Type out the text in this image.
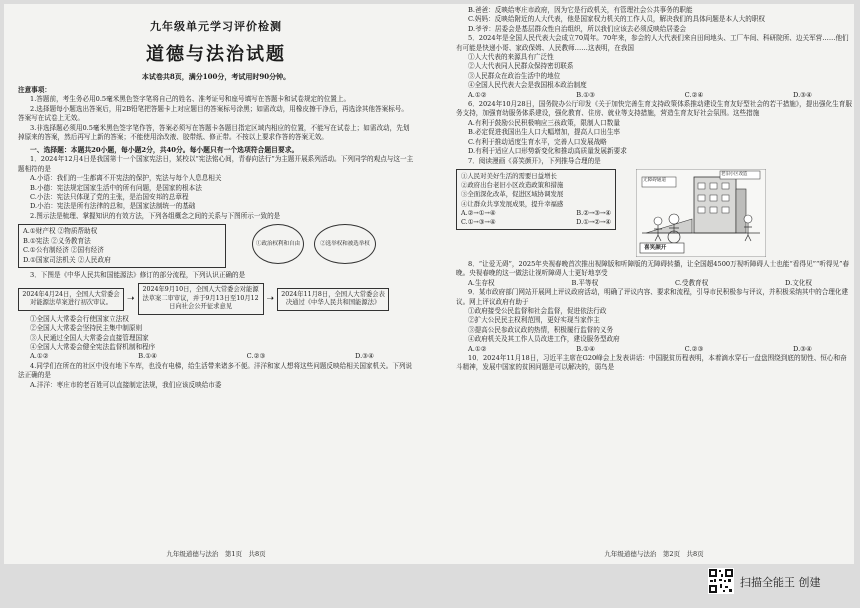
九年级单元学习评价检测

道德与法治试题

本试卷共8页，满分100分，考试用时90分钟。

注意事项：

1.答题前，考生务必用0.5毫米黑色签字笔将自己的姓名、准考证号和座号填写在答题卡和试卷规定的位置上。

2.选择题每小题选出答案后，用2B铅笔把答题卡上对应题目的答案标号涂黑；如需改动，用橡皮擦干净后，再选涂其他答案标号。答案写在试卷上无效。

3.非选择题必须用0.5毫米黑色签字笔作答，答案必须写在答题卡各题目指定区域内相应的位置，不能写在试卷上；如需改动，先划掉原来的答案，然后再写上新的答案；不能使用涂改液、胶带纸、修正带。不按以上要求作答的答案无效。

一、选择题：本题共20小题，每小题2分，共40分。每小题只有一个选项符合题目要求。

1．2024年12月4日是我国第十一个国家宪法日，某校以“宪法铭心间，青春向法行”为主题开展系列活动。下列同学的观点与这一主题相符的是

A.小语：我们的一生都离不开宪法的保护，宪法与每个人息息相关

B.小德：宪法规定国家生活中的所有问题，是国家的根本法

C.小法：宪法只体现了党的主张，是治国安邦的总章程

D.小治：宪法是所有法律的总和，是国家法制统一的基础

2.图示法是梳理、掌握知识的有效方法，下列各组概念之间的关系与下图所示一致的是

A.①财产权 ②物质帮助权

B.①宪法 ②义务教育法

C.①公有制经济 ②国有经济

D.①国家司法机关 ②人民政府

①政治权利和自由	②选举权和被选举权

3．下图是《中华人民共和国能源法》修订的部分流程，下列认识正确的是

2024年4月24日，全国人大常委会对能源法草案进行初次审议。	➝
2024年9月10日，全国人大常委会对能源法草案二审审议，并于9月13日至10月12日向社会公开征求意见
➝	2024年11月8日，全国人大常委会表决通过《中华人民共和国能源法》

①全国人大常委会行使国家立法权

②全国人大常委会坚持民主集中制原则

③人民通过全国人大常委会直接管理国家

④全国人大常委会健全宪法监督机制和程序

A.①②	B.①④	C.②③	D.③④

4.同学们在所在的社区中没有地下车库，也没有电梯，给生活带来诸多不便。洋洋和家人想将这些问题反映给相关国家机关。下列说法正确的是

A.洋洋：枣庄市的老百姓可以直接制定法规，我们应该反映给市委

九年级道德与法治　第1页　共8页

B.爸爸：反映给枣庄市政府，因为它是行政机关，有管理社会公共事务的职能

C.妈妈：反映给附近的人大代表，他是国家权力机关的工作人员，解决我们的具体问题是本人大的职权

D.爷爷：居委会是基层群众性自治组织，所以我们应该去必须反映给居委会

5．2024年是全国人民代表大会成立70周年。70年来，参会的人大代表们来自田间地头、工厂车间、科研院所、边关军营……他们有可能是快递小哥、家政保姆、人民教师……这表明，在我国

①人大代表的来源具有广泛性

②人大代表同人民群众保持密切联系

③人民群众在政治生活中的地位

④全国人民代表大会是我国根本政治制度

A.①②	B.①③	C.②④	D.③④

6．2024年10月28日，国务院办公厅印发《关于加快完善生育支持政策体系推动建设生育友好型社会的若干措施》，提出强化生育服务支持，加强育幼服务体系建设，强化教育、住房、就业等支持措施，营造生育友好社会氛围。这些措施

A.有利于鼓励公民积极响应三孩政策，限制人口数量

B.必定促进我国出生人口大幅增加，提高人口出生率

C.有利于推动适度生育水平，完善人口发展战略

D.有利于适应人口形势新变化和推动高质量发展新要求

7．阅读漫画《喜笑颜开》，下列推导合理的是

①人民对美好生活的需要日益增长

②政府出台老旧小区改造政策和措施

③全面深化改革，促进区域协调发展

④让群众共享发展成果，提升幸福感

A.②→①→④	B.②→③→④
C.①→③→④	D.①→②→④
无障碍通道
老旧小区改造
喜笑颜开

8．“让爱无碍”，2025年央视春晚首次推出视障版和听障版的无障碍转播，让全国超4500万视听障碍人士也能“看得见”“听得见”春晚。央视春晚的这一做法让视听障碍人士更好地享受

A.生存权	B.平等权	C.受教育权	D.文化权

9．某市政府部门网站开展网上评议政府活动，明确了评议内容、要求和流程，引导市民积极参与评议，并积极采纳其中的合理化建议。网上评议政府有助于

①政府接受公民监督和社会监督，促进依法行政

②扩大公民民主权利范围，更好实现当家作主

③提高公民参政议政的热情，积极履行监督的义务

④政府机关及其工作人员改进工作，建设服务型政府

A.①②	B.①④	C.②③	D.③④

10．2024年11月18日，习近平主席在G20峰会上发表讲话：中国脱贫历程表明，本着滴水穿石一盘盘围绕到底的韧性、恒心和奋斗精神，发展中国家的贫困问题是可以解决的，弱鸟是

九年级道德与法治　第2页　共8页

扫描全能王 创建
